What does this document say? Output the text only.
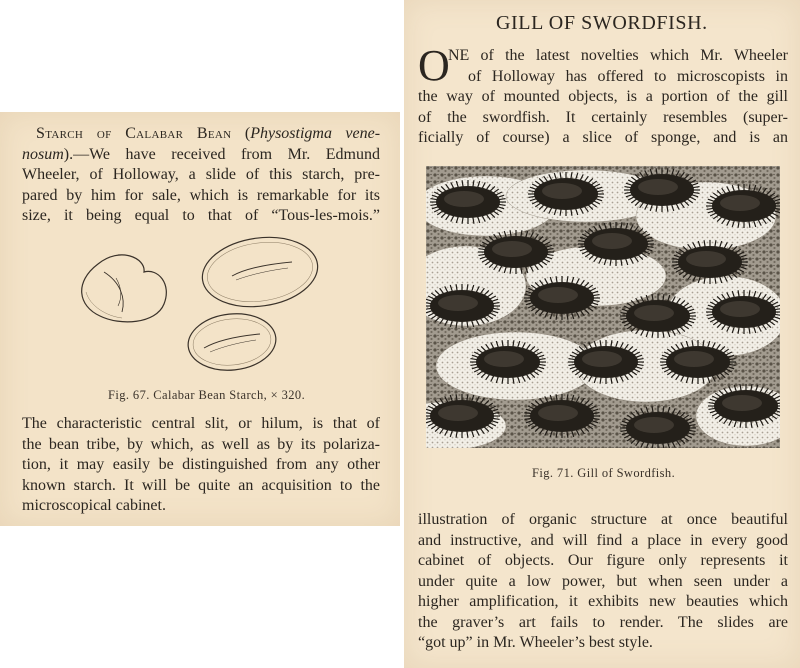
Starch of Calabar Bean (Physostigma vene-
nosum).—We have received from Mr. Edmund
Wheeler, of Holloway, a slide of this starch, pre-
pared by him for sale, which is remarkable for its
size, it being equal to that of “Tous-les-mois.”
Fig. 67. Calabar Bean Starch, × 320.
The characteristic central slit, or hilum, is that of
the bean tribe, by which, as well as by its polariza-
tion, it may easily be distinguished from any other
known starch. It will be quite an acquisition to the
microscopical cabinet.
GILL OF SWORDFISH.
O
NE of the latest novelties which Mr. Wheeler
of Holloway has offered to microscopists in
the way of mounted objects, is a portion of the gill
of the swordfish. It certainly resembles (super-
ficially of course) a slice of sponge, and is an
Fig. 71. Gill of Swordfish.
illustration of organic structure at once beautiful
and instructive, and will find a place in every good
cabinet of objects. Our figure only represents it
under quite a low power, but when seen under a
higher amplification, it exhibits new beauties which
the graver’s art fails to render. The slides are
“got up” in Mr. Wheeler’s best style.
